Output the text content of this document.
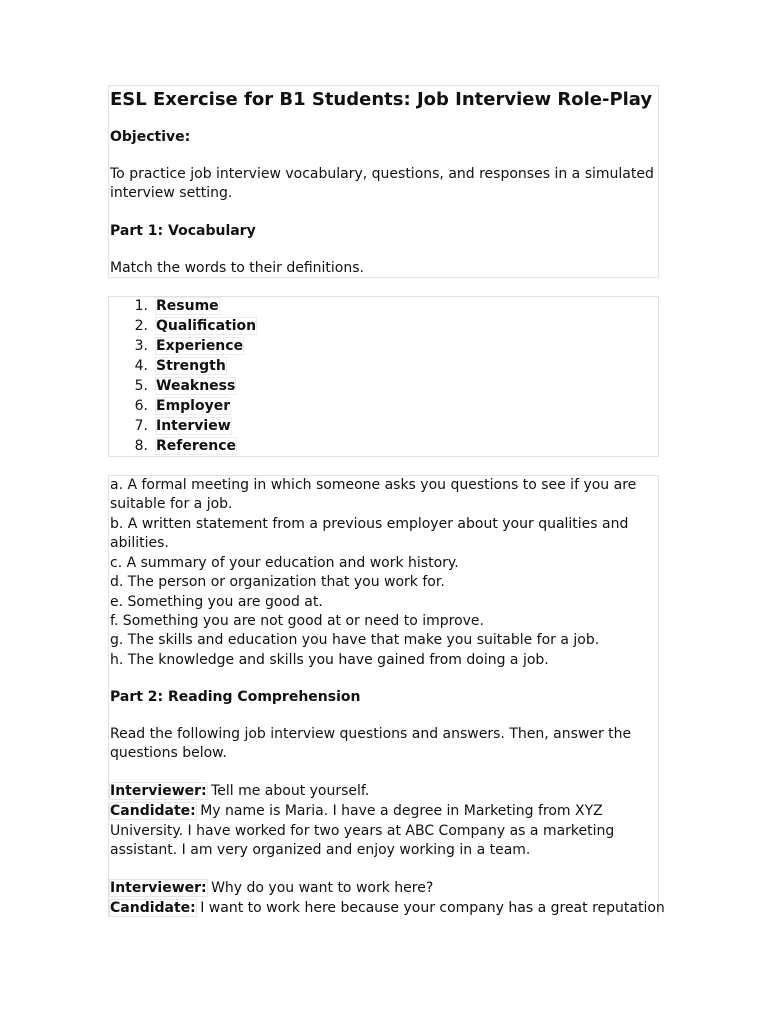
ESL Exercise for B1 Students: Job Interview Role-Play

Objective:

To practice job interview vocabulary, questions, and responses in a simulated

interview setting.

Part 1: Vocabulary

Match the words to their definitions.

1. Resume
2. Qualification
3. Experience
4. Strength
5. Weakness
6. Employer
7. Interview
8. Reference

a. A formal meeting in which someone asks you questions to see if you are

suitable for a job.

b. A written statement from a previous employer about your qualities and

abilities.

c. A summary of your education and work history.

d. The person or organization that you work for.

e. Something you are good at.

f. Something you are not good at or need to improve.

g. The skills and education you have that make you suitable for a job.

h. The knowledge and skills you have gained from doing a job.

Part 2: Reading Comprehension

Read the following job interview questions and answers. Then, answer the

questions below.

Interviewer: Tell me about yourself.

Candidate: My name is Maria. I have a degree in Marketing from XYZ

University. I have worked for two years at ABC Company as a marketing

assistant. I am very organized and enjoy working in a team.

Interviewer: Why do you want to work here?

Candidate: I want to work here because your company has a great reputation
